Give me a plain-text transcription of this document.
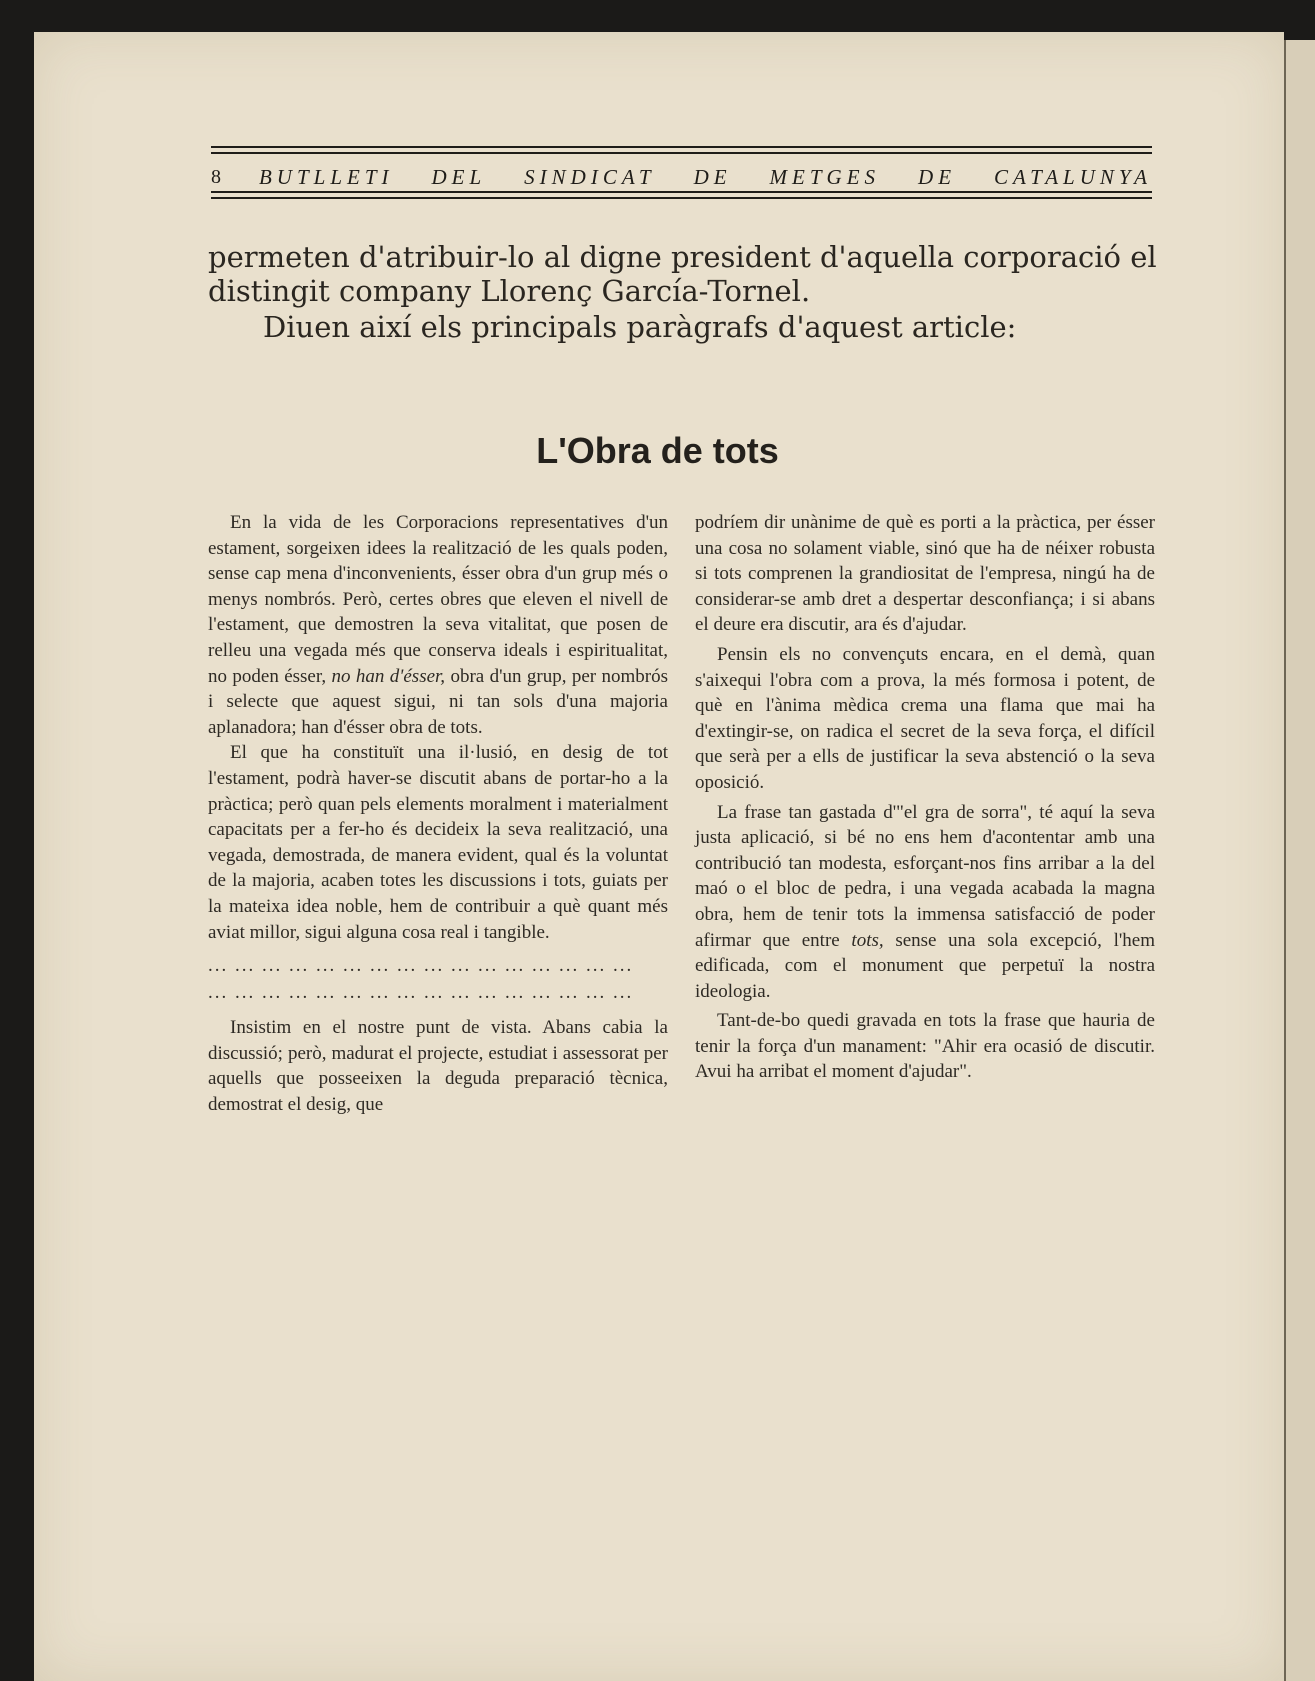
8 BUTLLETI DEL SINDICAT DE METGES DE CATALUNYA
permeten d'atribuir-lo al digne president d'aquella corporació el
distingit company Llorenç García-Tornel.
Diuen així els principals paràgrafs d'aquest article:
L'Obra de tots

En la vida de les Corporacions representatives d'un estament, sorgeixen idees la realització de les quals poden, sense cap mena d'inconvenients, ésser obra d'un grup més o menys nombrós. Però, certes obres que eleven el nivell de l'estament, que demostren la seva vitalitat, que posen de relleu una vegada més que conserva ideals i espiritualitat, no poden ésser, no han d'ésser, obra d'un grup, per nombrós i selecte que aquest sigui, ni tan sols d'una majoria aplanadora; han d'ésser obra de tots.

El que ha constituït una il·lusió, en desig de tot l'estament, podrà haver-se discutit abans de portar-ho a la pràctica; però quan pels elements moralment i materialment capacitats per a fer-ho és decideix la seva realització, una vegada, demostrada, de manera evident, qual és la voluntat de la majoria, acaben totes les discussions i tots, guiats per la mateixa idea noble, hem de contribuir a què quant més aviat millor, sigui alguna cosa real i tangible.

... ... ... ... ... ... ... ... ... ... ... ... ... ... ... ...
... ... ... ... ... ... ... ... ... ... ... ... ... ... ... ...

Insistim en el nostre punt de vista. Abans cabia la discussió; però, madurat el projecte, estudiat i assessorat per aquells que posseeixen la deguda preparació tècnica, demostrat el desig, que

podríem dir unànime de què es porti a la pràctica, per ésser una cosa no solament viable, sinó que ha de néixer robusta si tots comprenen la grandiositat de l'empresa, ningú ha de considerar-se amb dret a despertar desconfiança; i si abans el deure era discutir, ara és d'ajudar.

Pensin els no convençuts encara, en el demà, quan s'aixequi l'obra com a prova, la més formosa i potent, de què en l'ànima mèdica crema una flama que mai ha d'extingir-se, on radica el secret de la seva força, el difícil que serà per a ells de justificar la seva abstenció o la seva oposició.

La frase tan gastada d'"el gra de sorra", té aquí la seva justa aplicació, si bé no ens hem d'acontentar amb una contribució tan modesta, esforçant-nos fins arribar a la del maó o el bloc de pedra, i una vegada acabada la magna obra, hem de tenir tots la immensa satisfacció de poder afirmar que entre tots, sense una sola excepció, l'hem edificada, com el monument que perpetuï la nostra ideologia.

Tant-de-bo quedi gravada en tots la frase que hauria de tenir la força d'un manament: "Ahir era ocasió de discutir. Avui ha arribat el moment d'ajudar".
